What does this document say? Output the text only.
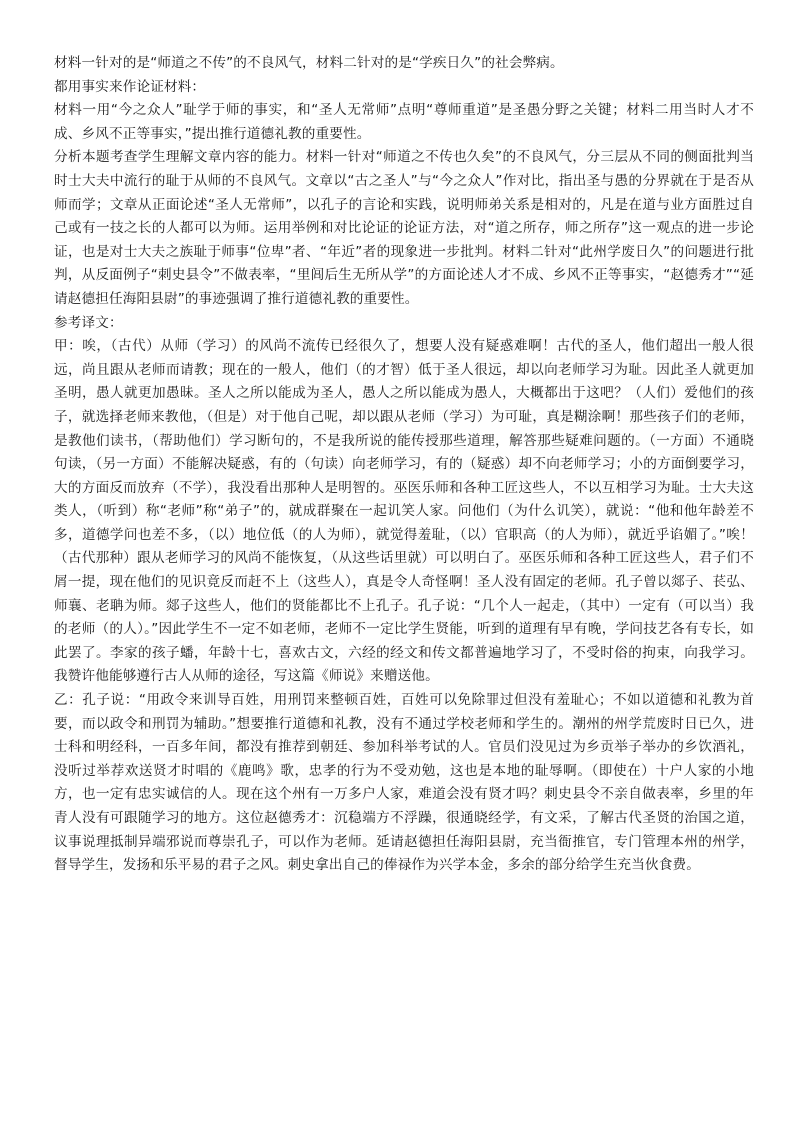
材料一针对的是“师道之不传”的不良风气，材料二针对的是“学疾日久”的社会弊病。

都用事实来作论证材料：

材料一用“今之众人”耻学于师的事实，和“圣人无常师”点明“尊师重道”是圣愚分野之关键；材料二用当时人才不成、乡风不正等事实，”提出推行道德礼教的重要性。

分析本题考查学生理解文章内容的能力。材料一针对“师道之不传也久矣”的不良风气，分三层从不同的侧面批判当时士大夫中流行的耻于从师的不良风气。文章以“古之圣人”与“今之众人”作对比，指出圣与愚的分界就在于是否从师而学；文章从正面论述“圣人无常师”，以孔子的言论和实践，说明师弟关系是相对的，凡是在道与业方面胜过自己或有一技之长的人都可以为师。运用举例和对比论证的论证方法，对“道之所存，师之所存”这一观点的进一步论证，也是对士大夫之族耻于师事“位卑”者、“年近”者的现象进一步批判。材料二针对“此州学废日久”的问题进行批判，从反面例子“刺史县令”不做表率，“里闾后生无所从学”的方面论述人才不成、乡风不正等事实，“赵德秀才”“延请赵德担任海阳县尉”的事迹强调了推行道德礼教的重要性。

参考译文：

甲：唉，（古代）从师（学习）的风尚不流传已经很久了，想要人没有疑惑难啊！古代的圣人，他们超出一般人很远，尚且跟从老师而请教；现在的一般人，他们（的才智）低于圣人很远，却以向老师学习为耻。因此圣人就更加圣明，愚人就更加愚昧。圣人之所以能成为圣人，愚人之所以能成为愚人，大概都出于这吧？（人们）爱他们的孩子，就选择老师来教他，（但是）对于他自己呢，却以跟从老师（学习）为可耻，真是糊涂啊！那些孩子们的老师，是教他们读书，（帮助他们）学习断句的，不是我所说的能传授那些道理，解答那些疑难问题的。（一方面）不通晓句读，（另一方面）不能解决疑惑，有的（句读）向老师学习，有的（疑惑）却不向老师学习；小的方面倒要学习，大的方面反而放弃（不学），我没看出那种人是明智的。巫医乐师和各种工匠这些人，不以互相学习为耻。士大夫这类人，（听到）称“老师”称“弟子”的，就成群聚在一起讥笑人家。问他们（为什么讥笑），就说：“他和他年龄差不多，道德学问也差不多，（以）地位低（的人为师），就觉得羞耻，（以）官职高（的人为师），就近乎谄媚了。”唉！（古代那种）跟从老师学习的风尚不能恢复，（从这些话里就）可以明白了。巫医乐师和各种工匠这些人，君子们不屑一提，现在他们的见识竟反而赶不上（这些人），真是令人奇怪啊！圣人没有固定的老师。孔子曾以郯子、苌弘、师襄、老聃为师。郯子这些人，他们的贤能都比不上孔子。孔子说：“几个人一起走，（其中）一定有（可以当）我的老师（的人）。”因此学生不一定不如老师，老师不一定比学生贤能，听到的道理有早有晚，学问技艺各有专长，如此罢了。李家的孩子蟠，年龄十七，喜欢古文，六经的经文和传文都普遍地学习了，不受时俗的拘束，向我学习。我赞许他能够遵行古人从师的途径，写这篇《师说》来赠送他。

乙：孔子说：“用政令来训导百姓，用刑罚来整顿百姓，百姓可以免除罪过但没有羞耻心；不如以道德和礼教为首要，而以政令和刑罚为辅助。”想要推行道德和礼教，没有不通过学校老师和学生的。潮州的州学荒废时日已久，进士科和明经科，一百多年间，都没有推荐到朝廷、参加科举考试的人。官员们没见过为乡贡举子举办的乡饮酒礼，没听过举荐欢送贤才时唱的《鹿鸣》歌，忠孝的行为不受劝勉，这也是本地的耻辱啊。（即使在）十户人家的小地方，也一定有忠实诚信的人。现在这个州有一万多户人家，难道会没有贤才吗？刺史县令不亲自做表率，乡里的年青人没有可跟随学习的地方。这位赵德秀才：沉稳端方不浮躁，很通晓经学，有文采，了解古代圣贤的治国之道，议事说理抵制异端邪说而尊崇孔子，可以作为老师。延请赵德担任海阳县尉，充当衙推官，专门管理本州的州学，督导学生，发扬和乐平易的君子之风。刺史拿出自己的俸禄作为兴学本金，多余的部分给学生充当伙食费。
